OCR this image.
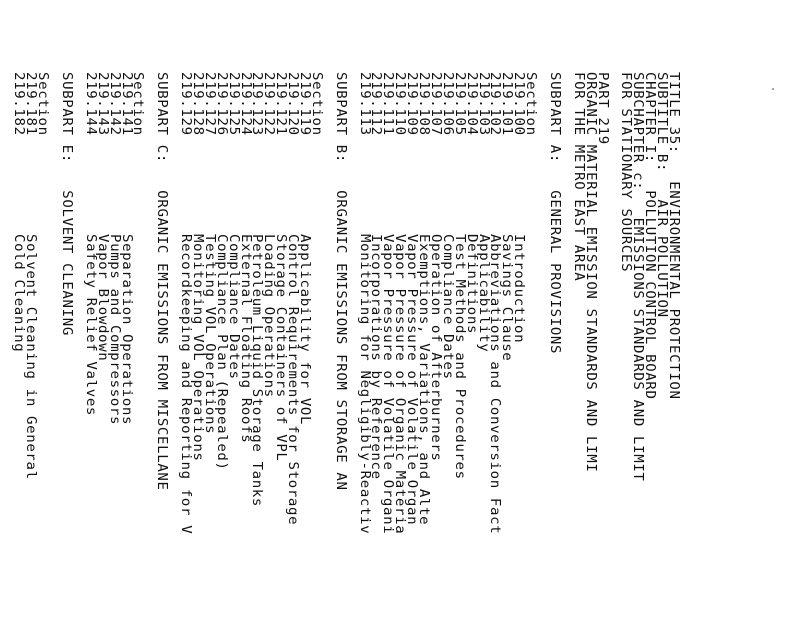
TITLE 35:   ENVIRONMENTAL PROTECTION
SUBTITLE B:   AIR POLLUTION
CHAPTER I:   POLLUTION CONTROL BOARD
SUBCHAPTER c:   EMISSIONS STANDARDS AND LIMIT
FOR STATIONARY SOURCES
PART 219
ORGANIC MATERIAL EMISSION STANDARDS AND LIMI
FOR THE METRO EAST AREA
SUBPART A:   GENERAL PROVISIONS
Section
219.100
Introduction
219.101
Savings Clause
219.102
Abbreviations and Conversion Fact
219.103
Applicability
219.104
Definitions
219.105
Test Methods and Procedures
219.106
Compliance Dates
219.107
Operation of Afterburners
219.108
Exemptions, Variations, and Alte
219.109
Vapor Pressure of Volatile Organ
219.110
Vapor Pressure of Organic Materia
219.111
Vapor Pressure of Volatile Organi
219.112
Incorporations by Reference
219.113
Monitoring for Negligibly-Reactiv
SUBPART B:   ORGANIC EMISSIONS FROM STORAGE AN
Section
219.119
Applicability for VOL
219.120
Control Requirements for Storage
219.121
Storage Containers of VPL
219.122
Loading Operations
219.123
Petroleum Liquid Storage Tanks
219.124
External Floating Roofs
219.125
Compliance Dates
219.126
Compliance Plan (Repealed)
219.127
Testing VOL Operations
219.128
Monitoring VOL Operations
219.129
Recordkeeping and Reporting for V
SUBPART C:   ORGANIC EMISSIONS FROM MISCELLANE
Section
219.141
Separation Operations
219.142
Pumps and Compressors
219.143
Vapor Blowdown
219.144
Safety Relief Valves
SUBPART E:   SOLVENT CLEANING
Section
219.181
Solvent Cleaning in General
219.182
Cold Cleaning
